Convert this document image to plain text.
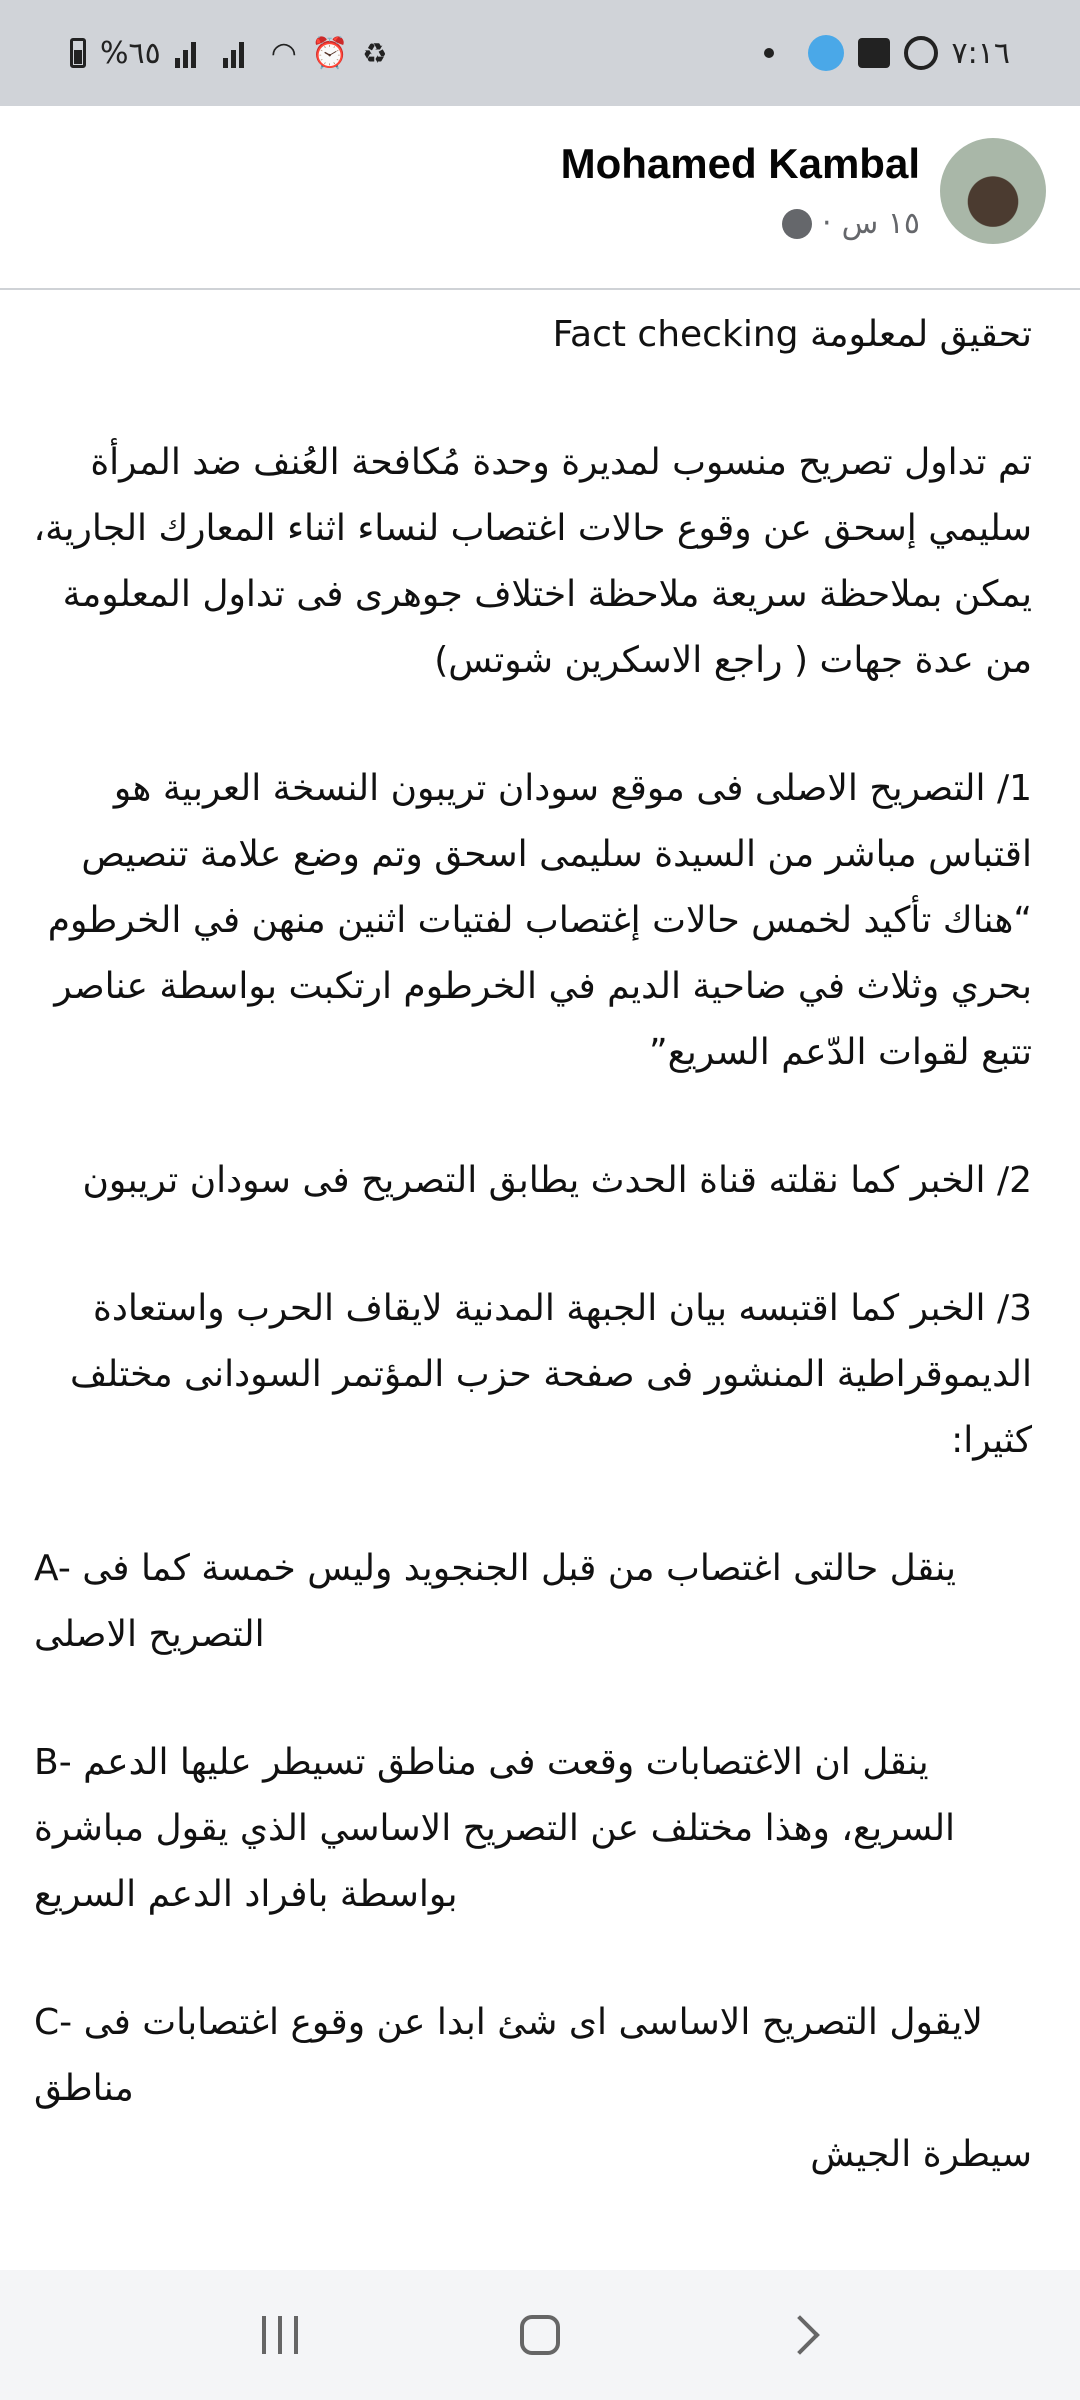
%٦٥	◠ ⏰ ♻	٧:١٦
Mohamed Kambal
١٥ س
·

تحقيق لمعلومة Fact checking

تم تداول تصريح منسوب لمديرة وحدة مُكافحة العُنف ضد المرأة سليمي إسحق عن وقوع حالات اغتصاب لنساء اثناء المعارك الجارية، يمكن بملاحظة سريعة ملاحظة اختلاف جوهرى فى تداول المعلومة من عدة جهات ( راجع الاسكرين شوتس)

1/ التصريح الاصلى فى موقع سودان تريبون النسخة العربية هو اقتباس مباشر من السيدة سليمى اسحق وتم وضع علامة تنصيص “هناك تأكيد لخمس حالات إغتصاب لفتيات اثنين منهن في الخرطوم بحري وثلاث في ضاحية الديم في الخرطوم ارتكبت بواسطة عناصر تتبع لقوات الدّعم السريع”

2/ الخبر كما نقلته قناة الحدث يطابق التصريح فى سودان تريبون

3/ الخبر كما اقتبسه بيان الجبهة المدنية لايقاف الحرب واستعادة الديموقراطية المنشور فى صفحة حزب المؤتمر السودانى مختلف كثيرا:

A- ينقل حالتى اغتصاب من قبل الجنجويد وليس خمسة كما فى التصريح الاصلى

B- ينقل ان الاغتصابات وقعت فى مناطق تسيطر عليها الدعم السريع، وهذا مختلف عن التصريح الاساسي الذي يقول مباشرة بواسطة بافراد الدعم السريع

C- لايقول التصريح الاساسى اى شئ ابدا عن وقوع اغتصابات فى مناطق

سيطرة الجيش
